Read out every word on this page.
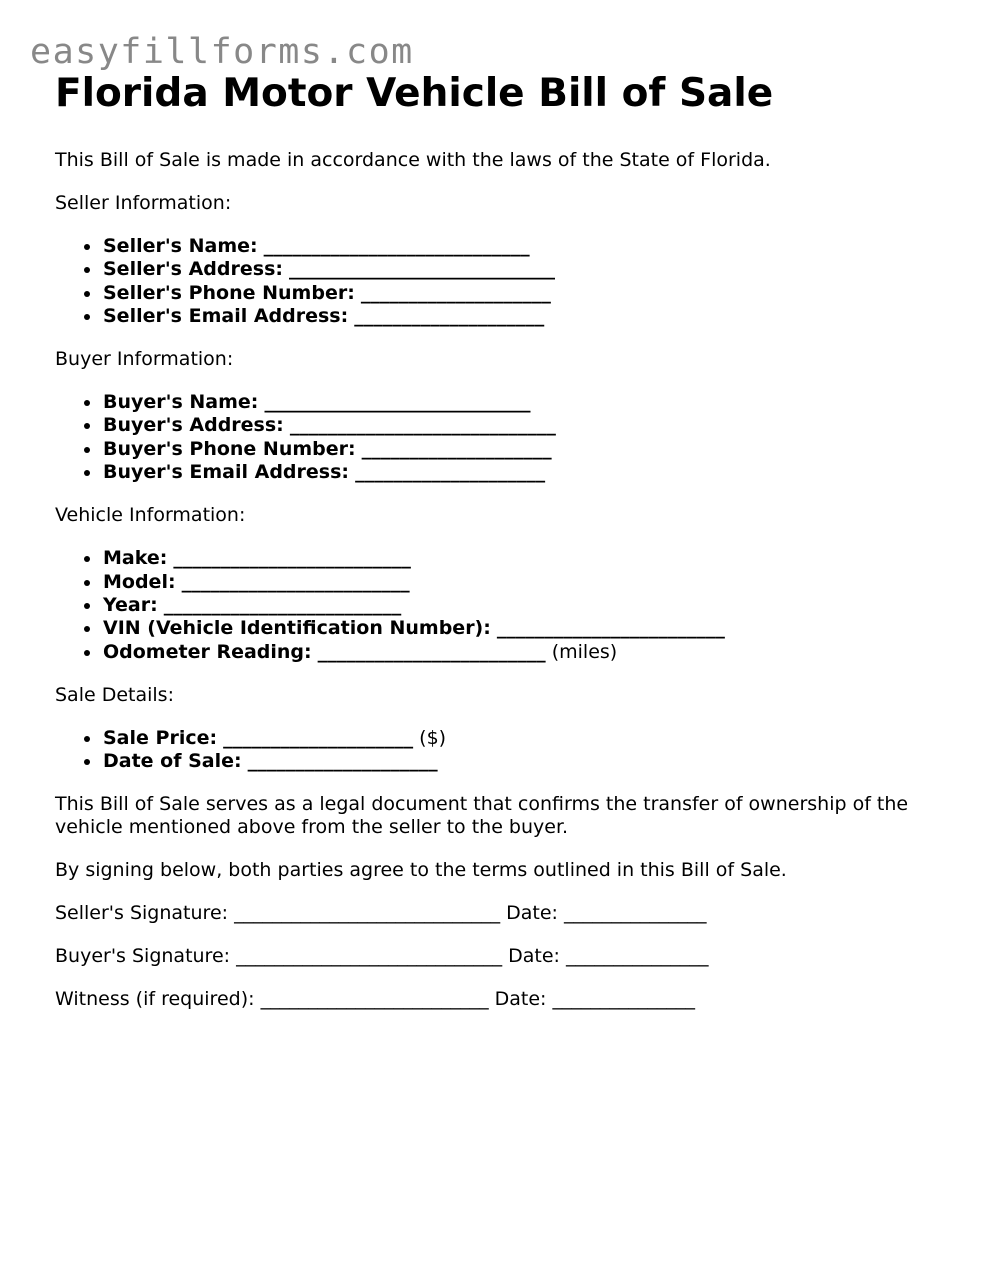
easyfillforms.com
Florida Motor Vehicle Bill of Sale

This Bill of Sale is made in accordance with the laws of the State of Florida.

Seller Information:

Seller's Name: ____________________________
Seller's Address: ____________________________
Seller's Phone Number: ____________________
Seller's Email Address: ____________________

Buyer Information:

Buyer's Name: ____________________________
Buyer's Address: ____________________________
Buyer's Phone Number: ____________________
Buyer's Email Address: ____________________

Vehicle Information:

Make: _________________________
Model: ________________________
Year: _________________________
VIN (Vehicle Identification Number): ________________________
Odometer Reading: ________________________ (miles)

Sale Details:

Sale Price: ____________________ ($)
Date of Sale: ____________________

This Bill of Sale serves as a legal document that confirms the transfer of ownership of the vehicle mentioned above from the seller to the buyer.

By signing below, both parties agree to the terms outlined in this Bill of Sale.

Seller's Signature: ____________________________ Date: _______________

Buyer's Signature: ____________________________ Date: _______________

Witness (if required): ________________________ Date: _______________
